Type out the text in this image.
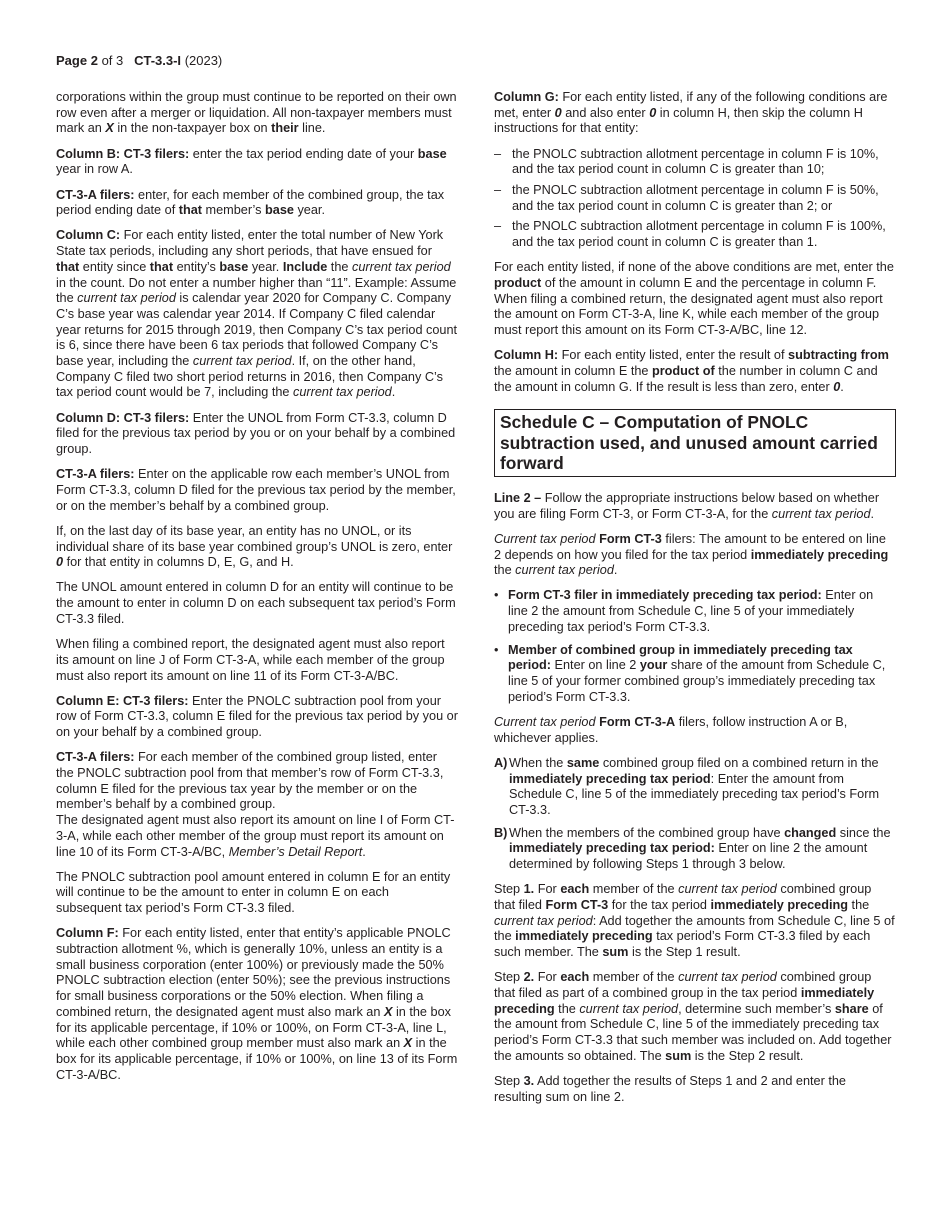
Page 2 of 3 CT-3.3-I (2023)

corporations within the group must continue to be reported on their own row even after a merger or liquidation. All non-taxpayer members must mark an X in the non-taxpayer box on their line.

Column B: CT-3 filers: enter the tax period ending date of your base year in row A.

CT-3-A filers: enter, for each member of the combined group, the tax period ending date of that member’s base year.

Column C: For each entity listed, enter the total number of New York State tax periods, including any short periods, that have ensued for that entity since that entity’s base year. Include the current tax period in the count. Do not enter a number higher than “11”. Example: Assume the current tax period is calendar year 2020 for Company C. Company C’s base year was calendar year 2014. If Company C filed calendar year returns for 2015 through 2019, then Company C’s tax period count is 6, since there have been 6 tax periods that followed Company C’s base year, including the current tax period. If, on the other hand, Company C filed two short period returns in 2016, then Company C’s tax period count would be 7, including the current tax period.

Column D: CT-3 filers: Enter the UNOL from Form CT-3.3, column D filed for the previous tax period by you or on your behalf by a combined group.

CT-3-A filers: Enter on the applicable row each member’s UNOL from Form CT-3.3, column D filed for the previous tax period by the member, or on the member’s behalf by a combined group.

If, on the last day of its base year, an entity has no UNOL, or its individual share of its base year combined group’s UNOL is zero, enter 0 for that entity in columns D, E, G, and H.

The UNOL amount entered in column D for an entity will continue to be the amount to enter in column D on each subsequent tax period’s Form CT-3.3 filed.

When filing a combined report, the designated agent must also report its amount on line J of Form CT-3-A, while each member of the group must also report its amount on line 11 of its Form CT-3-A/BC.

Column E: CT-3 filers: Enter the PNOLC subtraction pool from your row of Form CT-3.3, column E filed for the previous tax period by you or on your behalf by a combined group.

CT-3-A filers: For each member of the combined group listed, enter the PNOLC subtraction pool from that member’s row of Form CT-3.3, column E filed for the previous tax year by the member or on the member’s behalf by a combined group.

The designated agent must also report its amount on line I of Form CT-3-A, while each other member of the group must report its amount on line 10 of its Form CT-3-A/BC, Member’s Detail Report.

The PNOLC subtraction pool amount entered in column E for an entity will continue to be the amount to enter in column E on each subsequent tax period’s Form CT-3.3 filed.

Column F: For each entity listed, enter that entity’s applicable PNOLC subtraction allotment %, which is generally 10%, unless an entity is a small business corporation (enter 100%) or previously made the 50% PNOLC subtraction election (enter 50%); see the previous instructions for small business corporations or the 50% election. When filing a combined return, the designated agent must also mark an X in the box for its applicable percentage, if 10% or 100%, on Form CT-3-A, line L, while each other combined group member must also mark an X in the box for its applicable percentage, if 10% or 100%, on line 13 of its Form CT-3-A/BC.

Column G: For each entity listed, if any of the following conditions are met, enter 0 and also enter 0 in column H, then skip the column H instructions for that entity:

– the PNOLC subtraction allotment percentage in column F is 10%, and the tax period count in column C is greater than 10;
– the PNOLC subtraction allotment percentage in column F is 50%, and the tax period count in column C is greater than 2; or
– the PNOLC subtraction allotment percentage in column F is 100%, and the tax period count in column C is greater than 1.

For each entity listed, if none of the above conditions are met, enter the product of the amount in column E and the percentage in column F. When filing a combined return, the designated agent must also report the amount on Form CT-3-A, line K, while each member of the group must report this amount on its Form CT-3-A/BC, line 12.

Column H: For each entity listed, enter the result of subtracting from the amount in column E the product of the number in column C and the amount in column G. If the result is less than zero, enter 0.

Schedule C – Computation of PNOLC subtraction used, and unused amount carried forward

Line 2 – Follow the appropriate instructions below based on whether you are filing Form CT-3, or Form CT-3-A, for the current tax period.

Current tax period Form CT-3 filers: The amount to be entered on line 2 depends on how you filed for the tax period immediately preceding the current tax period.

• Form CT-3 filer in immediately preceding tax period: Enter on line 2 the amount from Schedule C, line 5 of your immediately preceding tax period’s Form CT-3.3.
• Member of combined group in immediately preceding tax period: Enter on line 2 your share of the amount from Schedule C, line 5 of your former combined group’s immediately preceding tax period’s Form CT-3.3.

Current tax period Form CT-3-A filers, follow instruction A or B, whichever applies.

A) When the same combined group filed on a combined return in the immediately preceding tax period: Enter the amount from Schedule C, line 5 of the immediately preceding tax period’s Form CT-3.3.
B) When the members of the combined group have changed since the immediately preceding tax period: Enter on line 2 the amount determined by following Steps 1 through 3 below.

Step 1. For each member of the current tax period combined group that filed Form CT-3 for the tax period immediately preceding the current tax period: Add together the amounts from Schedule C, line 5 of the immediately preceding tax period’s Form CT-3.3 filed by each such member. The sum is the Step 1 result.

Step 2. For each member of the current tax period combined group that filed as part of a combined group in the tax period immediately preceding the current tax period, determine such member’s share of the amount from Schedule C, line 5 of the immediately preceding tax period’s Form CT-3.3 that such member was included on. Add together the amounts so obtained. The sum is the Step 2 result.

Step 3. Add together the results of Steps 1 and 2 and enter the resulting sum on line 2.
